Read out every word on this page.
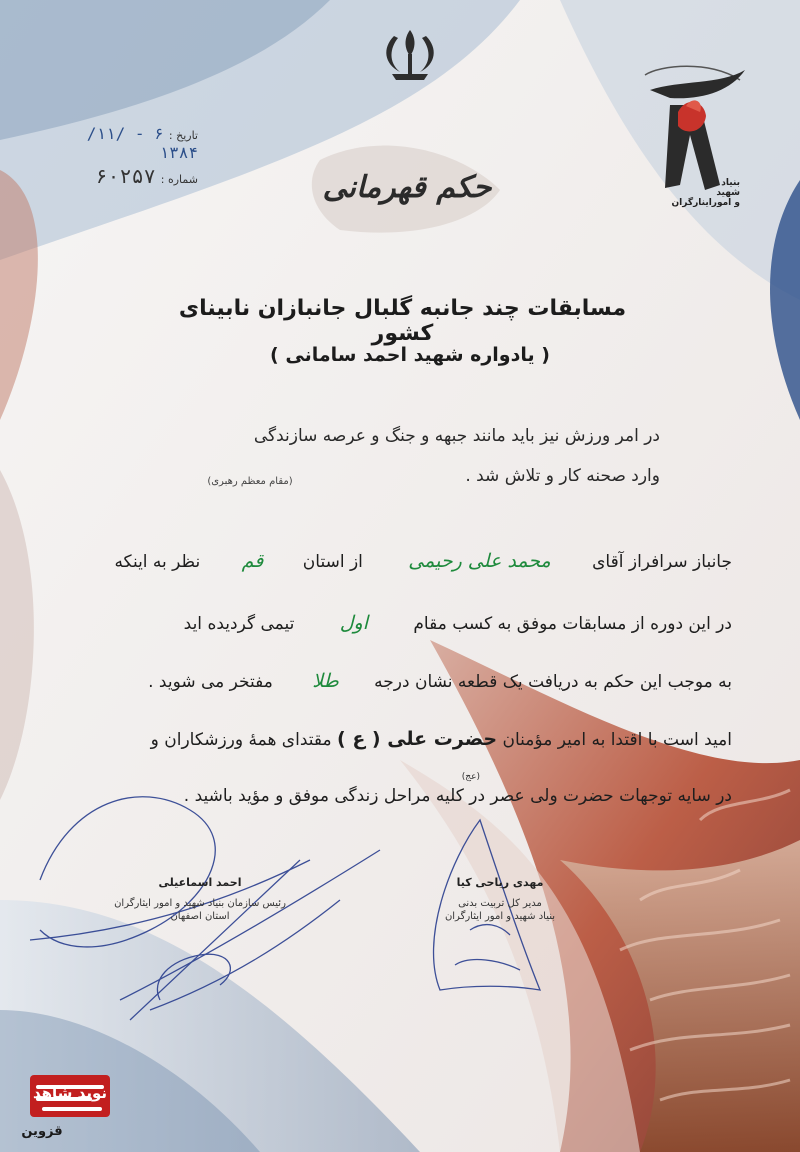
تاریخ : ۶ - /۱۱/ ۱۳۸۴
شماره : ۶۰۲۵۷	حکم قهرمانی	بنیاد
شهید
و اموراینارگران
مسابقات چند جانبه گلبال جانبازان نابینای کشور
( یادواره شهید احمد سامانی )
در امر ورزش نیز باید مانند جبهه و جنگ و عرصه سازندگی
وارد صحنه کار و تلاش شد .
(مقام معظم رهبری)
جانباز سرافراز آقای محمد علی رحیمی از استان قم نظر به اینکه
در این دوره از مسابقات موفق به کسب مقام اول تیمی گردیده اید
به موجب این حکم به دریافت یک قطعه نشان درجه طلا مفتخر می شوید .
امید است با اقتدا به امیر مؤمنان حضرت علی ( ع ) مقتدای همهٔ ورزشکاران و
(عج)
در سایه توجهات حضرت ولی عصر در کلیه مراحل زندگی موفق و مؤید باشید .
احمد اسماعیلی
رئیس سازمان بنیاد شهید و امور ایثارگران
استان اصفهان
مهدی ریاحی کیا
مدیر کل تربیت بدنی
بنیاد شهید و امور ایثارگران
نوید شاهد
قزوین
